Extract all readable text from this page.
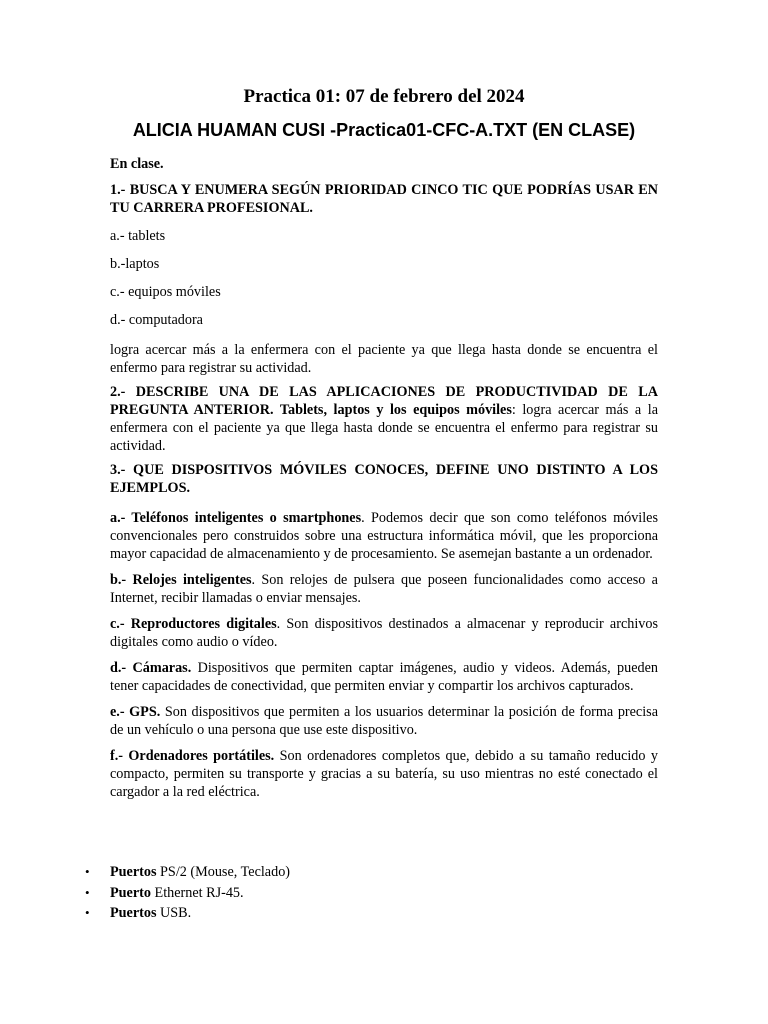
Practica 01: 07 de febrero del 2024
ALICIA HUAMAN CUSI -Practica01-CFC-A.TXT (EN CLASE)

En clase.

1.- BUSCA Y ENUMERA SEGÚN PRIORIDAD CINCO TIC QUE PODRÍAS USAR EN TU CARRERA PROFESIONAL.

a.- tablets

b.-laptos

c.- equipos móviles

d.- computadora

logra acercar más a la enfermera con el paciente ya que llega hasta donde se encuentra el enfermo para registrar su actividad.

2.- DESCRIBE UNA DE LAS APLICACIONES DE PRODUCTIVIDAD DE LA PREGUNTA ANTERIOR. Tablets, laptos y los equipos móviles: logra acercar más a la enfermera con el paciente ya que llega hasta donde se encuentra el enfermo para registrar su actividad.

3.- QUE DISPOSITIVOS MÓVILES CONOCES, DEFINE UNO DISTINTO A LOS EJEMPLOS.

a.- Teléfonos inteligentes o smartphones. Podemos decir que son como teléfonos móviles convencionales pero construidos sobre una estructura informática móvil, que les proporciona mayor capacidad de almacenamiento y de procesamiento. Se asemejan bastante a un ordenador.

b.- Relojes inteligentes. Son relojes de pulsera que poseen funcionalidades como acceso a Internet, recibir llamadas o enviar mensajes.

c.- Reproductores digitales. Son dispositivos destinados a almacenar y reproducir archivos digitales como audio o vídeo.

d.- Cámaras. Dispositivos que permiten captar imágenes, audio y videos. Además, pueden tener capacidades de conectividad, que permiten enviar y compartir los archivos capturados.

e.- GPS. Son dispositivos que permiten a los usuarios determinar la posición de forma precisa de un vehículo o una persona que use este dispositivo.

f.- Ordenadores portátiles. Son ordenadores completos que, debido a su tamaño reducido y compacto, permiten su transporte y gracias a su batería, su uso mientras no esté conectado el cargador a la red eléctrica.

•	Puertos PS/2 (Mouse, Teclado)
•	Puerto Ethernet RJ-45.
•	Puertos USB.
